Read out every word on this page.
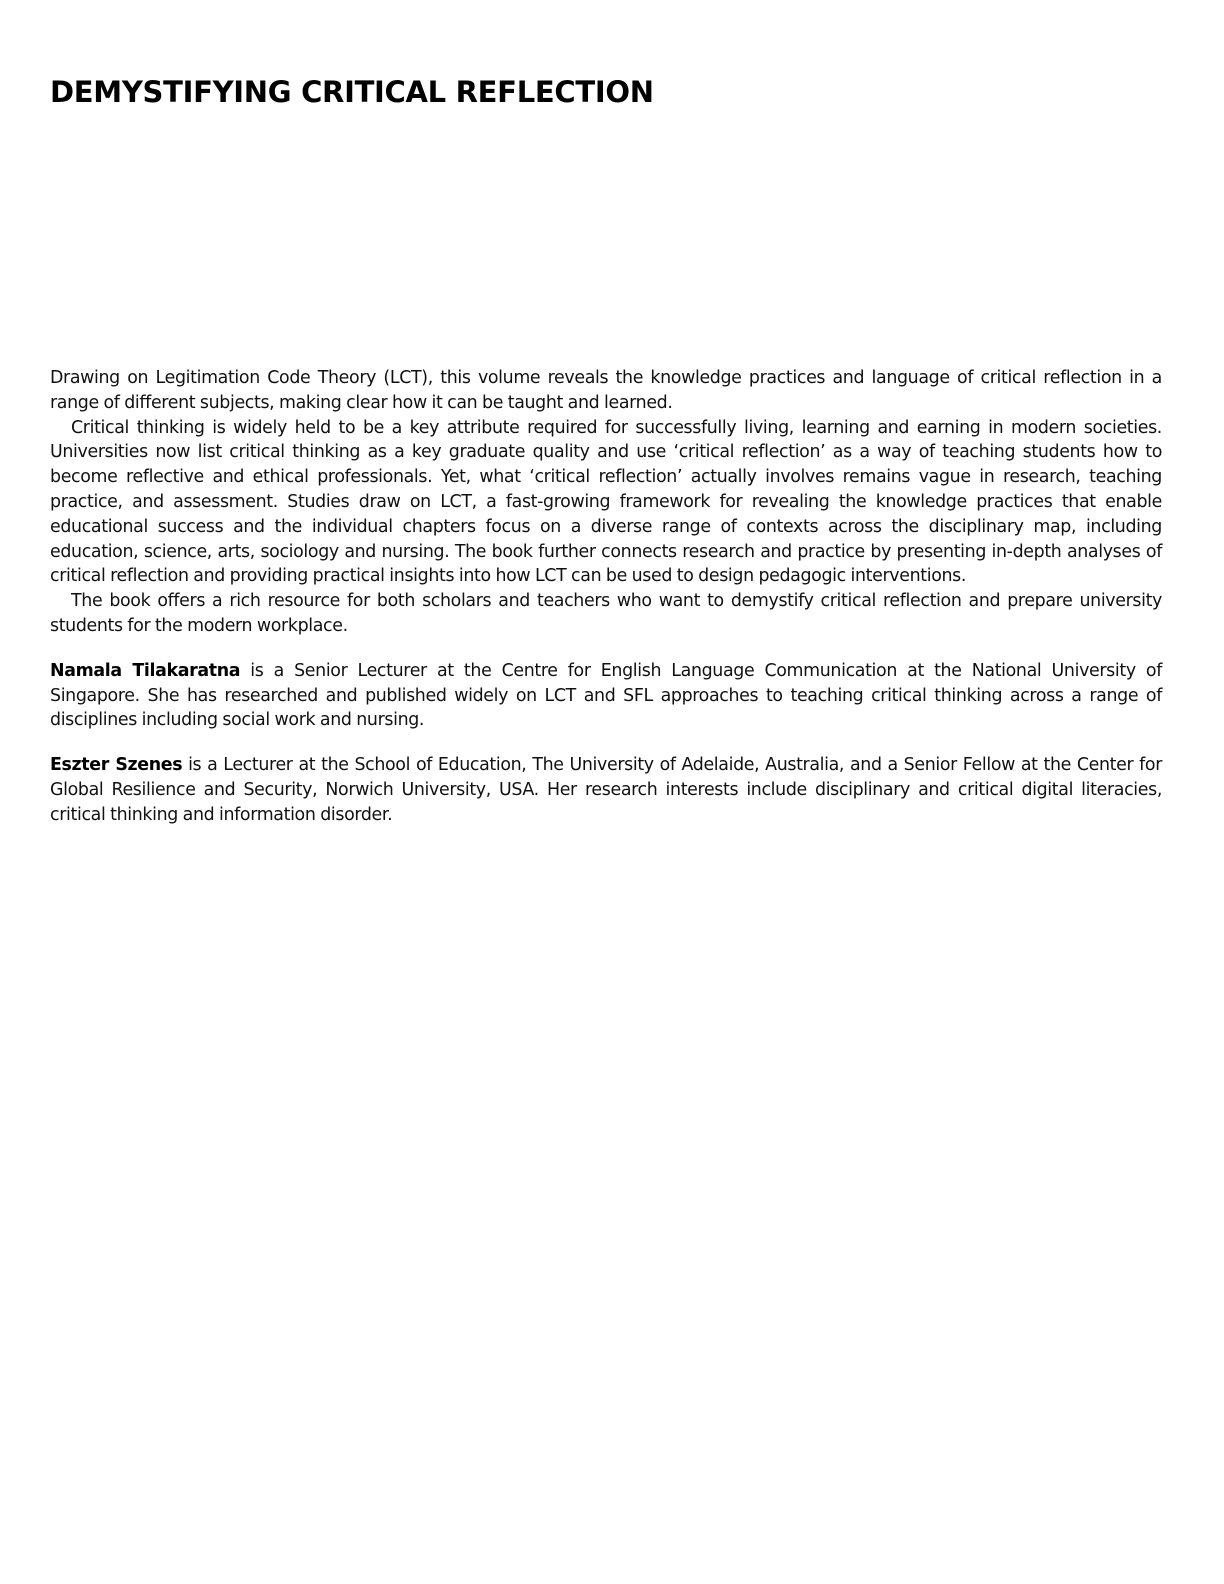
DEMYSTIFYING CRITICAL REFLECTION

Drawing on Legitimation Code Theory (LCT), this volume reveals the knowledge practices and language of critical reflection in a range of different subjects, making clear how it can be taught and learned.

Critical thinking is widely held to be a key attribute required for successfully living, learning and earning in modern societies. Universities now list critical thinking as a key graduate quality and use ‘critical reflection’ as a way of teaching students how to become reflective and ethical professionals. Yet, what ‘critical reflection’ actually involves remains vague in research, teaching practice, and assessment. Studies draw on LCT, a fast-growing framework for revealing the knowledge practices that enable educational success and the individual chapters focus on a diverse range of contexts across the disciplinary map, including education, science, arts, sociology and nursing. The book further connects research and practice by presenting in-depth analyses of critical reflection and providing practical insights into how LCT can be used to design pedagogic interventions.

The book offers a rich resource for both scholars and teachers who want to demystify critical reflection and prepare university students for the modern workplace.

Namala Tilakaratna is a Senior Lecturer at the Centre for English Language Communication at the National University of Singapore. She has researched and published widely on LCT and SFL approaches to teaching critical thinking across a range of disciplines including social work and nursing.

Eszter Szenes is a Lecturer at the School of Education, The University of Adelaide, Australia, and a Senior Fellow at the Center for Global Resilience and Security, Norwich University, USA. Her research interests include disciplinary and critical digital literacies, critical thinking and information disorder.
